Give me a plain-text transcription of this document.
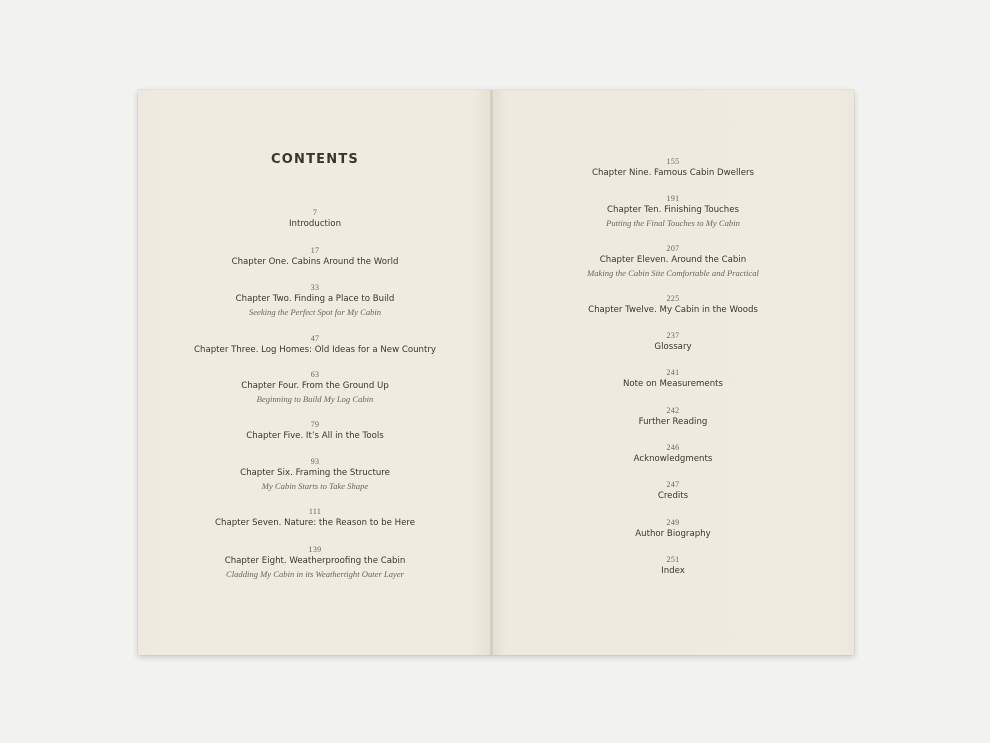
CONTENTS
7
Introduction
17
Chapter One. Cabins Around the World
33
Chapter Two. Finding a Place to Build
Seeking the Perfect Spot for My Cabin
47
Chapter Three. Log Homes: Old Ideas for a New Country
63
Chapter Four. From the Ground Up
Beginning to Build My Log Cabin
79
Chapter Five. It’s All in the Tools
93
Chapter Six. Framing the Structure
My Cabin Starts to Take Shape
111
Chapter Seven. Nature: the Reason to be Here
139
Chapter Eight. Weatherproofing the Cabin
Cladding My Cabin in its Weathertight Outer Layer
155
Chapter Nine. Famous Cabin Dwellers
191
Chapter Ten. Finishing Touches
Putting the Final Touches to My Cabin
207
Chapter Eleven. Around the Cabin
Making the Cabin Site Comfortable and Practical
225
Chapter Twelve. My Cabin in the Woods
237
Glossary
241
Note on Measurements
242
Further Reading
246
Acknowledgments
247
Credits
249
Author Biography
251
Index
